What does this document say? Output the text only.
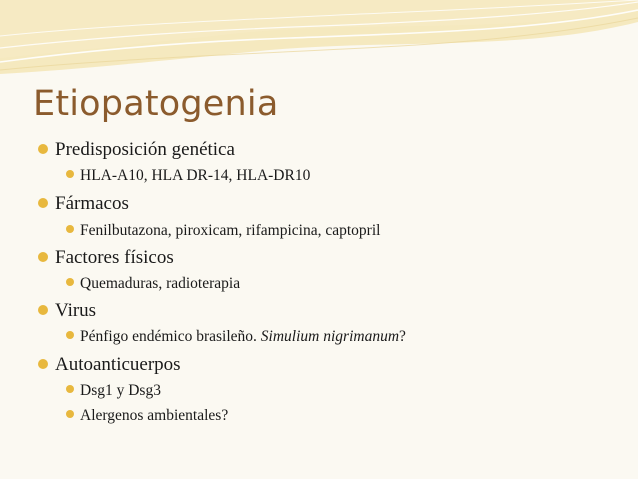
Etiopatogenia
Predisposición genética
HLA-A10, HLA DR-14, HLA-DR10
Fármacos
Fenilbutazona, piroxicam, rifampicina, captopril
Factores físicos
Quemaduras, radioterapia
Virus
Pénfigo endémico brasileño. Simulium nigrimanum?
Autoanticuerpos
Dsg1 y Dsg3
Alergenos ambientales?
